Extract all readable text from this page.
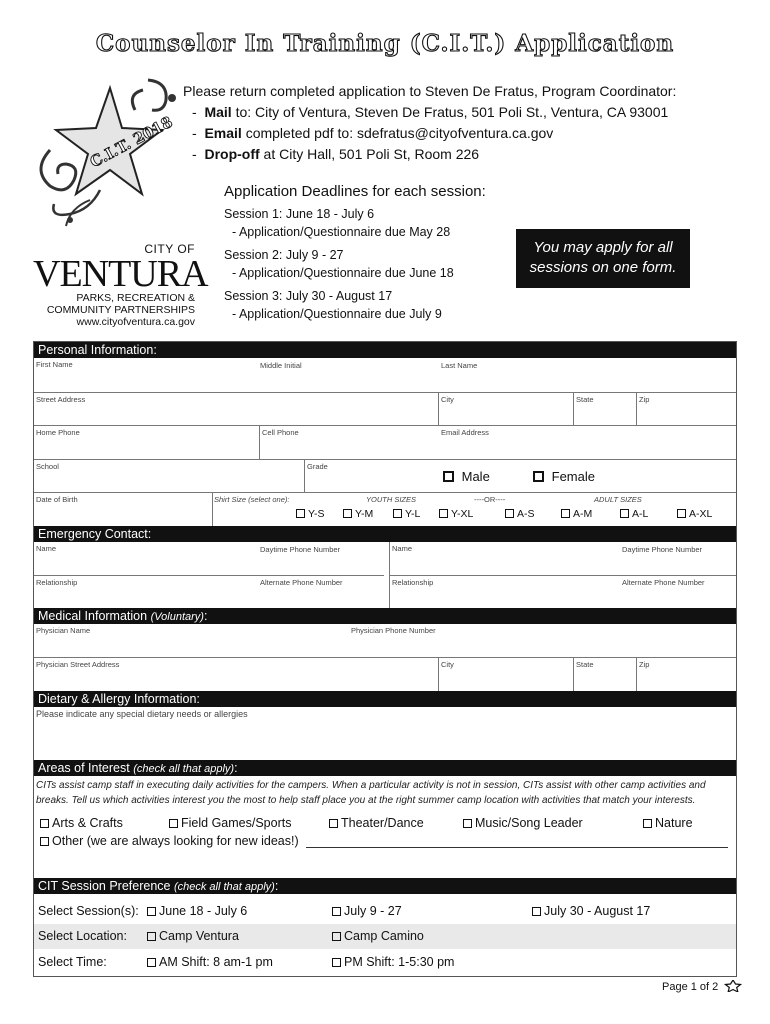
Counselor In Training (C.I.T.) Application
C.I.T. 2018
Please return completed application to Steven De Fratus, Program Coordinator:
-  Mail to: City of Ventura, Steven De Fratus, 501 Poli St., Ventura, CA 93001
-  Email completed pdf to: sdefratus@cityofventura.ca.gov
-  Drop-off at City Hall, 501 Poli St, Room 226
Application Deadlines for each session:
Session 1: June 18 - July 6
- Application/Questionnaire due May 28
Session 2: July 9 - 27
- Application/Questionnaire due June 18
Session 3: July 30 - August 17
- Application/Questionnaire due July 9
You may apply for all
sessions on one form.
CITY OF
VENTURA
PARKS, RECREATION &
COMMUNITY PARTNERSHIPS
www.cityofventura.ca.gov
Personal Information:
First Name	Middle Initial	Last Name
Street Address	City	State	Zip
Home Phone	Cell Phone	Email Address
School	Grade
Male	Female
Date of Birth	Shirt Size (select one):	YOUTH SIZES	----OR----	ADULT SIZES
Y-S	Y-M	Y-L	Y-XL	A-S	A-M	A-L	A-XL
Emergency Contact:
Name	Daytime Phone Number	Name	Daytime Phone Number
Relationship	Alternate Phone Number	Relationship	Alternate Phone Number
Medical Information (Voluntary):
Physician Name	Physician Phone Number
Physician Street Address	City	State	Zip
Dietary & Allergy Information:
Please indicate any special dietary needs or allergies
Areas of Interest (check all that apply):
CITs assist camp staff in executing daily activities for the campers. When a particular activity is not in session, CITs assist with other camp activities and breaks. Tell us which activities interest you the most to help staff place you at the right summer camp location with activities that match your interests.
Arts & Crafts	Field Games/Sports	Theater/Dance	Music/Song Leader	Nature
Other (we are always looking for new ideas!)
CIT Session Preference (check all that apply):
Select Session(s):	June 18 - July 6	July 9 - 27	July 30 - August 17
Select Location:	Camp Ventura	Camp Camino
Select Time:	AM Shift: 8 am-1 pm	PM Shift: 1-5:30 pm
Page 1 of 2
